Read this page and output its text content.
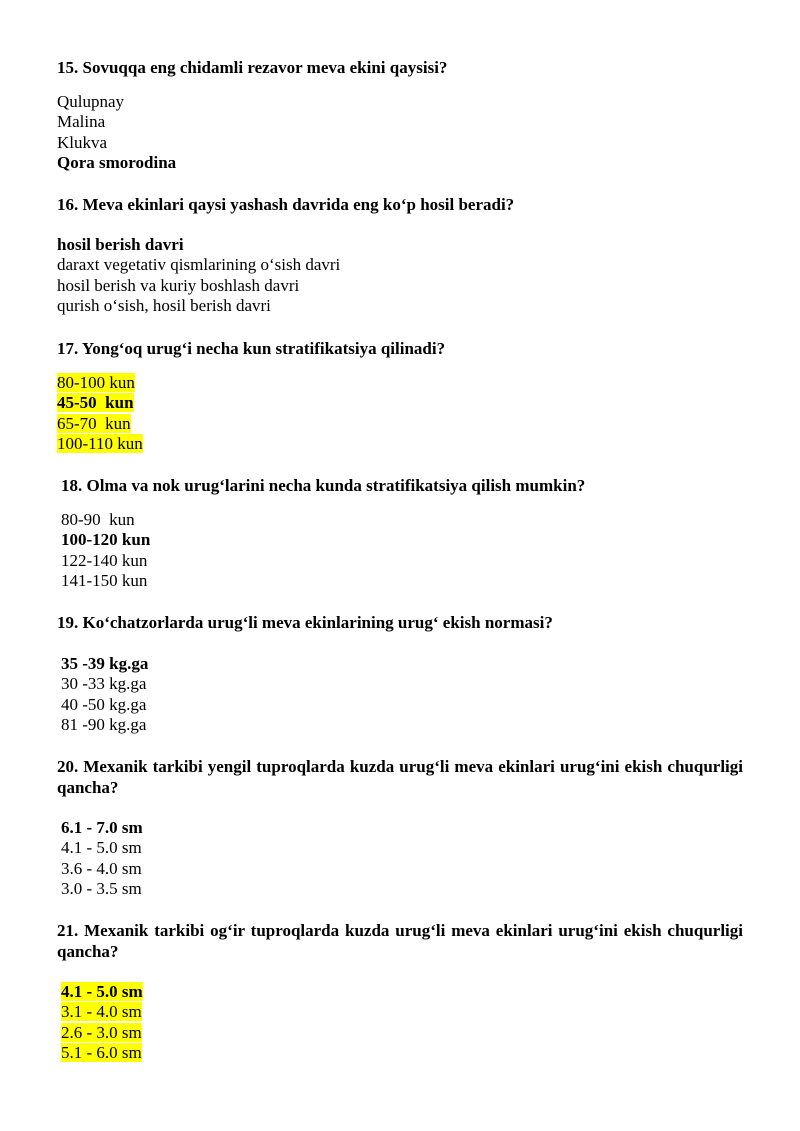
15. Sovuqqa eng chidamli rezavor meva ekini qaysisi?

Qulupnay
Malina
Klukva
Qora smorodina

16. Meva ekinlari qaysi yashash davrida eng ko‘p hosil beradi?

hosil berish davri
daraxt vegetativ qismlarining o‘sish davri
hosil berish va kuriy boshlash davri
qurish o‘sish, hosil berish davri

17. Yong‘oq urug‘i necha kun stratifikatsiya qilinadi?

80-100 kun
45-50  kun
65-70  kun
100-110 kun

18. Olma va nok urug‘larini necha kunda stratifikatsiya qilish mumkin?

80-90  kun
100-120 kun
122-140 kun
141-150 kun

19. Ko‘chatzorlarda urug‘li meva ekinlarining urug‘ ekish normasi?

35 -39 kg.ga
30 -33 kg.ga
40 -50 kg.ga
81 -90 kg.ga

20. Mexanik tarkibi yengil tuproqlarda kuzda urug‘li meva ekinlari urug‘ini ekish chuqurligi qancha?

6.1 - 7.0 sm
4.1 - 5.0 sm
3.6 - 4.0 sm
3.0 - 3.5 sm

21. Mexanik tarkibi og‘ir tuproqlarda kuzda urug‘li meva ekinlari urug‘ini ekish chuqurligi qancha?

4.1 - 5.0 sm
3.1 - 4.0 sm
2.6 - 3.0 sm
5.1 - 6.0 sm
